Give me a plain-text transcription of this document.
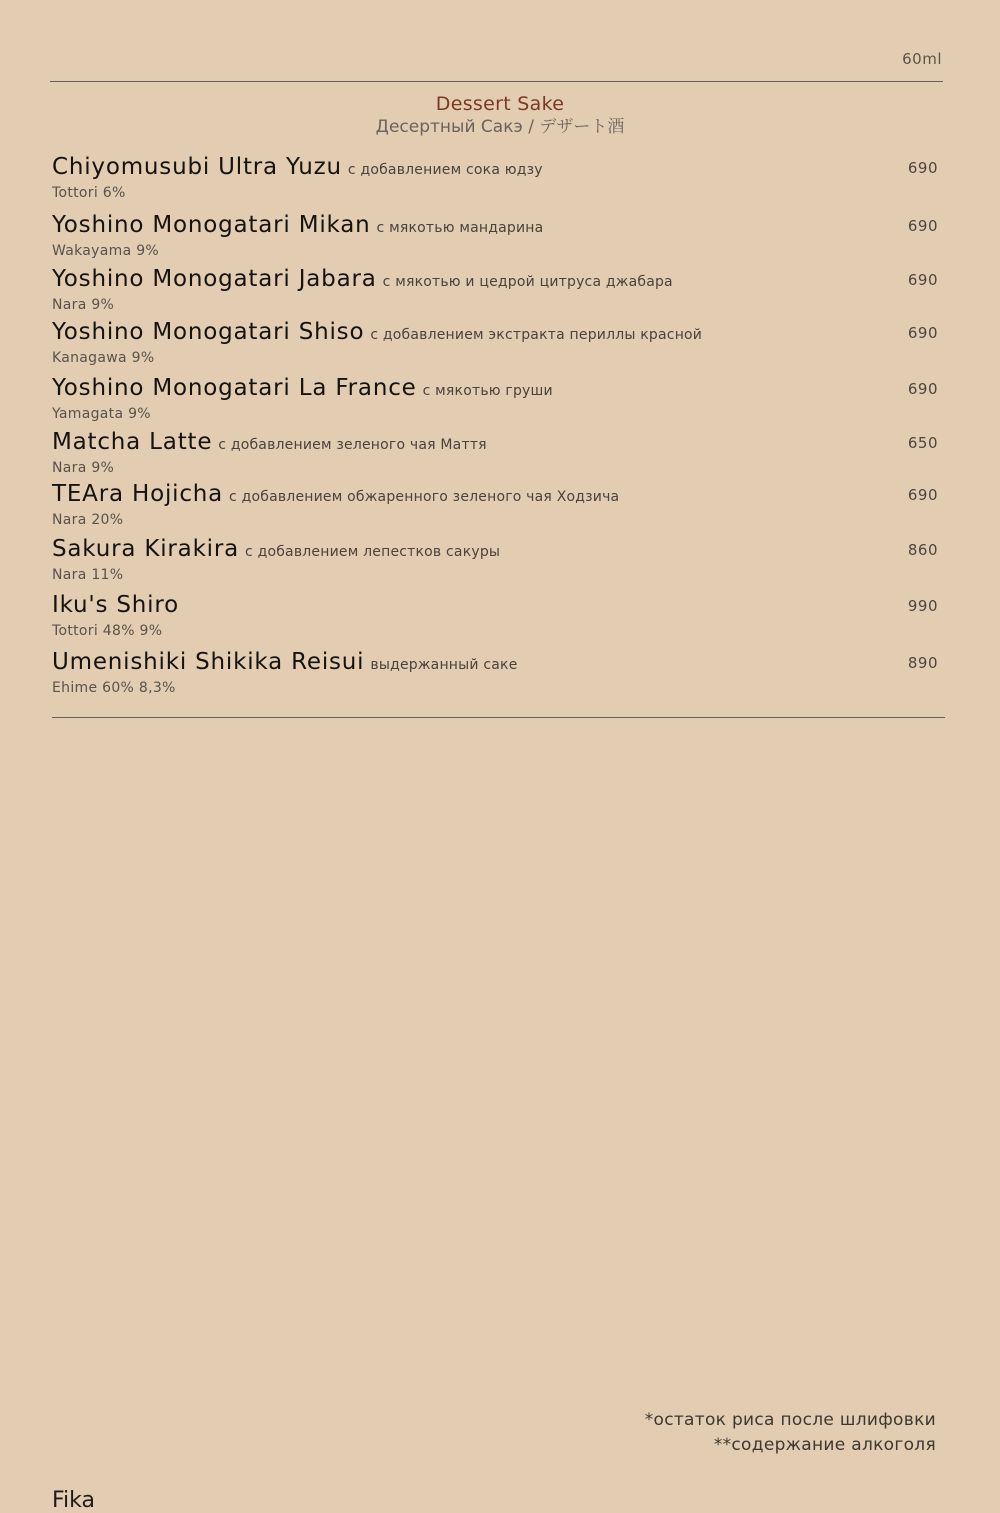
60ml
Dessert Sake
Десертный Сакэ / デザート酒
Chiyomusubi Ultra Yuzu с добавлением сока юдзу
Tottori 6%
690
Yoshino Monogatari Mikan с мякотью мандарина
Wakayama 9%
690
Yoshino Monogatari Jabara с мякотью и цедрой цитруса джабара
Nara 9%
690
Yoshino Monogatari Shiso с добавлением экстракта периллы красной
Kanagawa 9%
690
Yoshino Monogatari La France с мякотью груши
Yamagata 9%
690
Matcha Latte с добавлением зеленого чая Маття
Nara 9%
650
TEAra Hojicha с добавлением обжаренного зеленого чая Ходзича
Nara 20%
690
Sakura Kirakira с добавлением лепестков сакуры
Nara 11%
860
Iku's Shiro
Tottori 48% 9%
990
Umenishiki Shikika Reisui выдержанный саке
Ehime 60% 8,3%
890
*остаток риса после шлифовки
**содержание алкоголя
Fika
